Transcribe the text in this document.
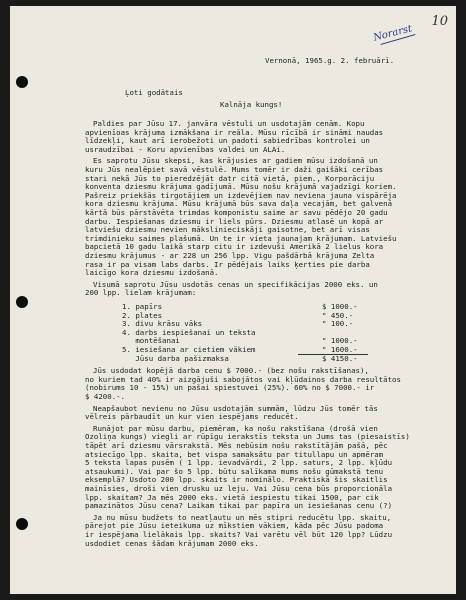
10
Norarst
Vernonā, 1965.g. 2. februārī.
Ļoti godātais
Kalnāja kungs!
Paldies par Jūsu 17. janvāra vēstuli un usdotajām cenām. Kopu
apvienīoas krājuma izmākšana ir reāla. Mūsu rīcībā ir sināmi naudas
līdzekļi, kaut arī ierobežoti un padoti sabiedrības kontrolei un
usraudzībai - Koru apvienības valdei un ALAi.
Es saprotu Jūsu skepsi, kas krājusies ar gadiem mūsu izdošanā un
kuru Jūs nealēpiet savā vēstulē. Mums tomēr ir daži gaišāki cerības
stari nekā Jūs to pieredzējāt datr citā vietā, piem., Korporāciju
konventa dziesmu krājuma gadījumā. Mūsu nošu krājumā vajadzīgi koriem.
Pašreiz priekšās tirgotājiem un izdevējiem nav neviena jauna vispārēja
kora dziesmu krājuma. Mūsu krājumā būs sava daļa vecajām, bet galvenā
kārtā būs pārstāvēta trimdas komponistu saime ar savu pēdējo 20 gadu
darbu. Iespiešanas dziesmu ir liels pūrs. Dziesmu atlasē un kopā ar
latviešu dziesmu nevien mākslinieciskāji gaisotne, bet arī visas
trimdinieku saimes plašumā. Un te ir vieta jaunajam krājumam. Latviešu
bapcietā 10 gadu laikā starp citu ir izdevuši Amerikā 2 lielus kora
dziesmu krājumus - ar 228 un 256 lpp. Vigu pašdārbā krājuma Zelta
rasa ir pa visam labs darbs. Ir pēdējais laiks ķerties pie darba
laicīgo kora dziesmu izdošanā.
Visumā saprotu Jūsu usdotās cenas un specifikācijas 2000 eks. un
200 lpp. lielam krājumam:
1. papīrs	$ 1000.-
2. plates	" 450.-
3. divu krāsu vāks	" 100.-
4. darbs iespiešanai un teksta
montēšanai	" 1000.-
5. iesiešana ar cietiem vākiem	" 1600.-
Jūsu darba pašizmaksa	$ 4150.-
Jūs usdodat kopējā darba cenu $ 7000.- (bez nošu rakstīšanas),
no kuriem tad 40% ir aizgājuši sabojātos vai kļūdainos darba resultātos
(nobirums 10 - 15%) un pašai spiestuvei (25%). 60% no $ 7000.- ir
$ 4200.-.
Neapšaubot nevienu no Jūsu usdotajām summām, lūdzu Jūs tomēr tās
vēlreis pārbaudīt un kur vien iespējams reducēt.
Runājot par mūsu darbu, piemēram, ka nošu rakstīšana (drošā vien
Ozoliņa kungs) viegli ar rūpīgu ierakstīs teksta un Jums tas (piesaistīs)
tāpēt arī dziesmu vārsrakstā. Mēs nebūsim nošu rakstītājām pašā, pēc
atsiecīgo lpp. skaita, bet vispa samaksātu par titullapu un apmēram
5 teksta lapas pusēm ( 1 lpp. ievadvārdi, 2 lpp. saturs, 2 lpp. kļūdu
atsaukumi). Vai par šo 5 lpp. būtu salīkama mums nošu gūmakstā tenu
eksemplā? Usdoto 200 lpp. skaits ir nominālo. Praktiskā šis skaitlis
mainīsies, droši vien drusku uz leju. Vai Jūsu cena būs proporcionāla
lpp. skaitam? Ja mēs 2000 eks. vietā iespiestu tikai 1500, par cik
pamazinātos Jūsu cena? Laikam tikai par papīra un iesiešanas cenu (?)
Ja nu mūsu budžets to neatļautu un mēs stipri reducētu lpp. skaitu,
pārejot pie Jūsu ieteikuma uz mīkstiem vākiem, kāda pēc Jūsu padoma
ir iespējama lielākais lpp. skaits? Vai varētu vēl būt 120 lpp? Lūdzu
usdodiet cenas šādam krājumam 2000 eks.
